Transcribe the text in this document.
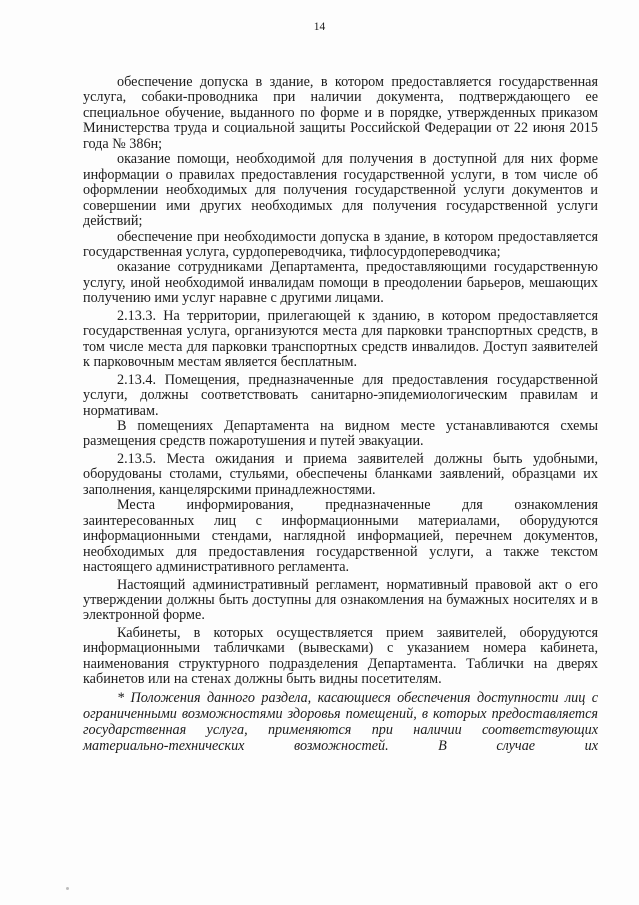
14

обеспечение допуска в здание, в котором предоставляется государственная услуга, собаки-проводника при наличии документа, подтверждающего ее специальное обучение, выданного по форме и в порядке, утвержденных приказом Министерства труда и социальной защиты Российской Федерации от 22 июня 2015 года № 386н;

оказание помощи, необходимой для получения в доступной для них форме информации о правилах предоставления государственной услуги, в том числе об оформлении необходимых для получения государственной услуги документов и совершении ими других необходимых для получения государственной услуги действий;

обеспечение при необходимости допуска в здание, в котором предоставляется государственная услуга, сурдопереводчика, тифлосурдопереводчика;

оказание сотрудниками Департамента, предоставляющими государственную услугу, иной необходимой инвалидам помощи в преодолении барьеров, мешающих получению ими услуг наравне с другими лицами.

2.13.3. На территории, прилегающей к зданию, в котором предоставляется государственная услуга, организуются места для парковки транспортных средств, в том числе места для парковки транспортных средств инвалидов. Доступ заявителей к парковочным местам является бесплатным.

2.13.4. Помещения, предназначенные для предоставления государственной услуги, должны соответствовать санитарно-эпидемиологическим правилам и нормативам.

В помещениях Департамента на видном месте устанавливаются схемы размещения средств пожаротушения и путей эвакуации.

2.13.5. Места ожидания и приема заявителей должны быть удобными, оборудованы столами, стульями, обеспечены бланками заявлений, образцами их заполнения, канцелярскими принадлежностями.

Места информирования, предназначенные для ознакомления заинтересованных лиц с информационными материалами, оборудуются информационными стендами, наглядной информацией, перечнем документов, необходимых для предоставления государственной услуги, а также текстом настоящего административного регламента.

Настоящий административный регламент, нормативный правовой акт о его утверждении должны быть доступны для ознакомления на бумажных носителях и в электронной форме.

Кабинеты, в которых осуществляется прием заявителей, оборудуются информационными табличками (вывесками) с указанием номера кабинета, наименования структурного подразделения Департамента. Таблички на дверях кабинетов или на стенах должны быть видны посетителям.

* Положения данного раздела, касающиеся обеспечения доступности лиц с ограниченными возможностями здоровья помещений, в которых предоставляется государственная услуга, применяются при наличии соответствующих материально-технических возможностей. В случае их
